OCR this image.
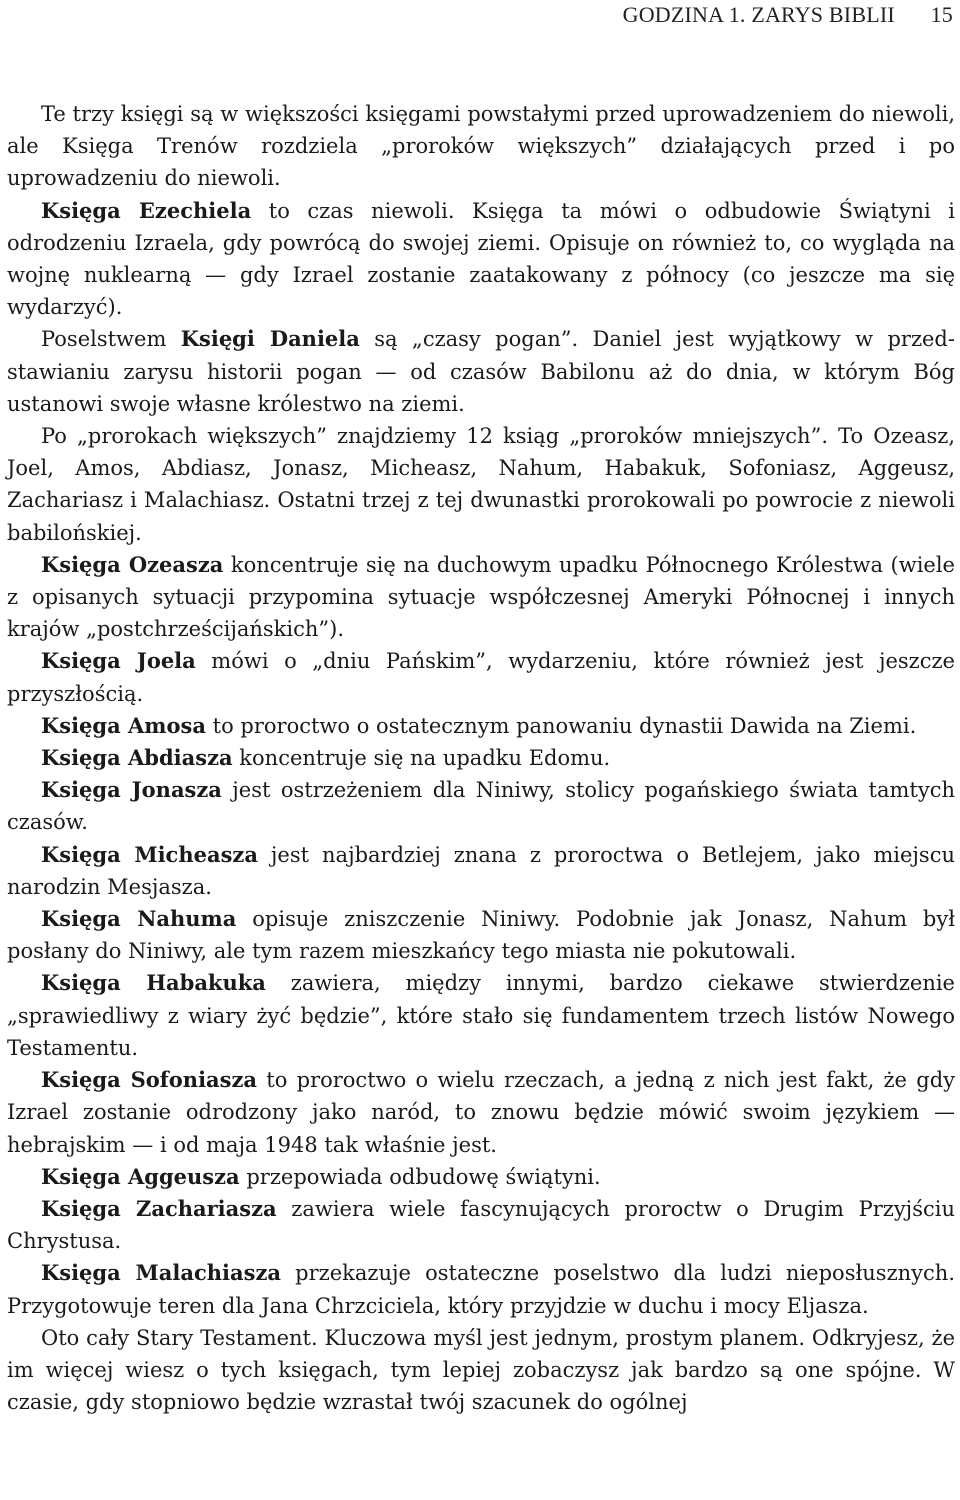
GODZINA 1. ZARYS BIBLII 15

Te trzy księgi są w większości księgami powstałymi przed uprowadzeniem do niewoli, ale Księga Trenów rozdziela „proroków większych” działających przed i po uprowadzeniu do niewoli.

Księga Ezechiela to czas niewoli. Księga ta mówi o odbudowie Świątyni i odrodzeniu Izraela, gdy powrócą do swojej ziemi. Opisuje on również to, co wygląda na wojnę nuklearną — gdy Izrael zostanie zaatakowany z północy (co jeszcze ma się wydarzyć).

Poselstwem Księgi Daniela są „czasy pogan”. Daniel jest wyjątkowy w przedstawianiu zarysu historii pogan — od czasów Babilonu aż do dnia, w którym Bóg ustanowi swoje własne królestwo na ziemi.

Po „prorokach większych” znajdziemy 12 ksiąg „proroków mniejszych”. To Ozeasz, Joel, Amos, Abdiasz, Jonasz, Micheasz, Nahum, Habakuk, Sofoniasz, Aggeusz, Zachariasz i Malachiasz. Ostatni trzej z tej dwunastki prorokowali po powrocie z niewoli babilońskiej.

Księga Ozeasza koncentruje się na duchowym upadku Północnego Królestwa (wiele z opisanych sytuacji przypomina sytuacje współczesnej Ameryki Północnej i innych krajów „postchrześcijańskich”).

Księga Joela mówi o „dniu Pańskim”, wydarzeniu, które również jest jeszcze przyszłością.

Księga Amosa to proroctwo o ostatecznym panowaniu dynastii Dawida na Ziemi.

Księga Abdiasza koncentruje się na upadku Edomu.

Księga Jonasza jest ostrzeżeniem dla Niniwy, stolicy pogańskiego świata tamtych czasów.

Księga Micheasza jest najbardziej znana z proroctwa o Betlejem, jako miejscu narodzin Mesjasza.

Księga Nahuma opisuje zniszczenie Niniwy. Podobnie jak Jonasz, Nahum był posłany do Niniwy, ale tym razem mieszkańcy tego miasta nie pokutowali.

Księga Habakuka zawiera, między innymi, bardzo ciekawe stwierdzenie „sprawiedliwy z wiary żyć będzie”, które stało się fundamentem trzech listów Nowego Testamentu.

Księga Sofoniasza to proroctwo o wielu rzeczach, a jedną z nich jest fakt, że gdy Izrael zostanie odrodzony jako naród, to znowu będzie mówić swoim językiem — hebrajskim — i od maja 1948 tak właśnie jest.

Księga Aggeusza przepowiada odbudowę świątyni.

Księga Zachariasza zawiera wiele fascynujących proroctw o Drugim Przyjściu Chrystusa.

Księga Malachiasza przekazuje ostateczne poselstwo dla ludzi nieposłusznych. Przygotowuje teren dla Jana Chrzciciela, który przyjdzie w duchu i mocy Eljasza.

Oto cały Stary Testament. Kluczowa myśl jest jednym, prostym planem. Odkryjesz, że im więcej wiesz o tych księgach, tym lepiej zobaczysz jak bardzo są one spójne. W czasie, gdy stopniowo będzie wzrastał twój szacunek do ogólnej
